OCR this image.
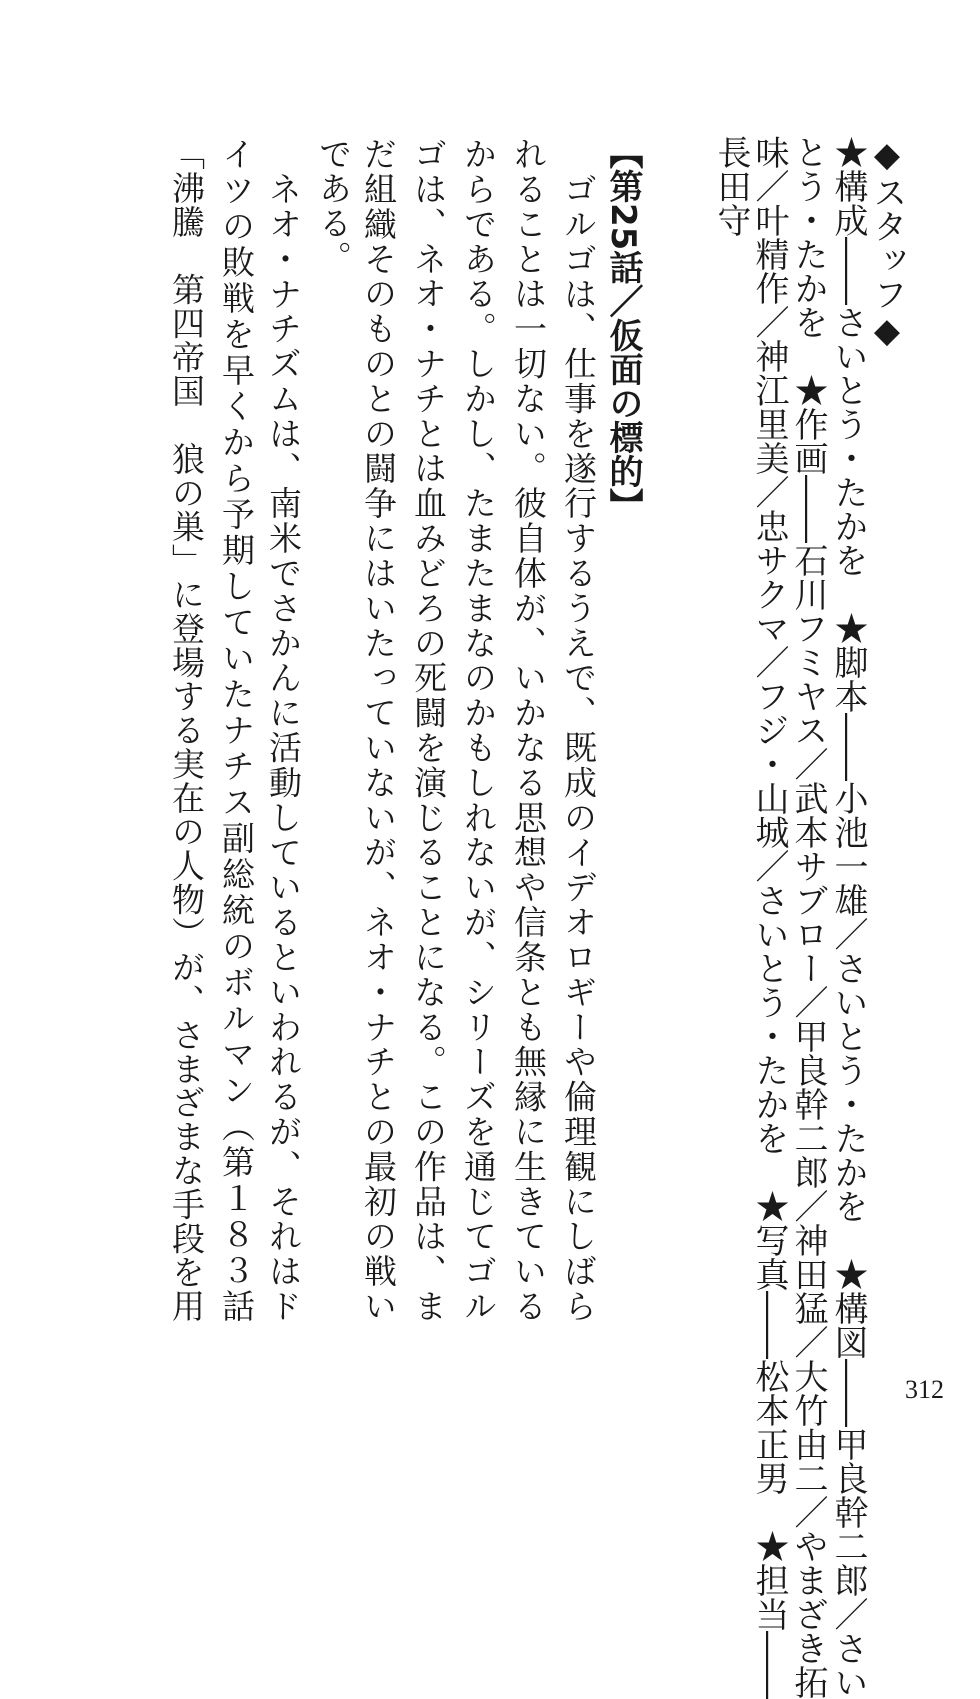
◆スタッフ◆
★構成――さいとう・たかを　★脚本――小池一雄／さいとう・たかを　★構図――甲良幹二郎／さい
とう・たかを　★作画――石川フミヤス／武本サブロー／甲良幹二郎／神田猛／大竹由二／やまざき拓
味／叶精作／神江里美／忠サクマ／フジ・山城／さいとう・たかを　★写真――松本正男　★担当――
長田守
【第25話／仮面の標的】
ゴルゴは、仕事を遂行するうえで、既成のイデオロギーや倫理観にしばら
れることは一切ない。彼自体が、いかなる思想や信条とも無縁に生きている
からである。しかし、たまたまなのかもしれないが、シリーズを通じてゴル
ゴは、ネオ・ナチとは血みどろの死闘を演じることになる。この作品は、ま
だ組織そのものとの闘争にはいたっていないが、ネオ・ナチとの最初の戦い
である。
ネオ・ナチズムは、南米でさかんに活動しているといわれるが、それはド
イツの敗戦を早くから予期していたナチス副総統のボルマン（第１８３話
「沸騰　第四帝国　狼の巣」に登場する実在の人物）が、さまざまな手段を用
312
